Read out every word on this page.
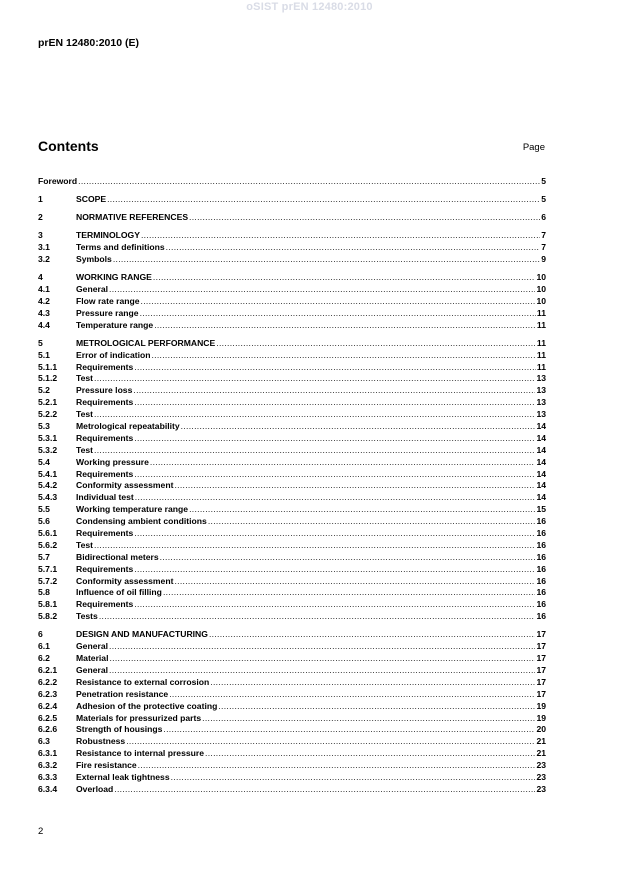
oSIST prEN 12480:2010
prEN 12480:2010 (E)
Contents	Page
Foreword .....	5
1	SCOPE .....	5
2	NORMATIVE REFERENCES .....	6
3	TERMINOLOGY .....	7
3.1	Terms and definitions .....	7
3.2	Symbols .....	9
4	WORKING RANGE .....	10
4.1	General .....	10
4.2	Flow rate range .....	10
4.3	Pressure range .....	11
4.4	Temperature range .....	11
5	METROLOGICAL PERFORMANCE .....	11
5.1	Error of indication .....	11
5.1.1	Requirements .....	11
5.1.2	Test .....	13
5.2	Pressure loss .....	13
5.2.1	Requirements .....	13
5.2.2	Test .....	13
5.3	Metrological repeatability .....	14
5.3.1	Requirements .....	14
5.3.2	Test .....	14
5.4	Working pressure .....	14
5.4.1	Requirements .....	14
5.4.2	Conformity assessment .....	14
5.4.3	Individual test .....	14
5.5	Working temperature range .....	15
5.6	Condensing ambient conditions .....	16
5.6.1	Requirements .....	16
5.6.2	Test .....	16
5.7	Bidirectional meters .....	16
5.7.1	Requirements .....	16
5.7.2	Conformity assessment .....	16
5.8	Influence of oil filling .....	16
5.8.1	Requirements .....	16
5.8.2	Tests .....	16
6	DESIGN AND MANUFACTURING .....	17
6.1	General .....	17
6.2	Material .....	17
6.2.1	General .....	17
6.2.2	Resistance to external corrosion .....	17
6.2.3	Penetration resistance .....	17
6.2.4	Adhesion of the protective coating .....	19
6.2.5	Materials for pressurized parts .....	19
6.2.6	Strength of housings .....	20
6.3	Robustness .....	21
6.3.1	Resistance to internal pressure .....	21
6.3.2	Fire resistance .....	23
6.3.3	External leak tightness .....	23
6.3.4	Overload .....	23
2
